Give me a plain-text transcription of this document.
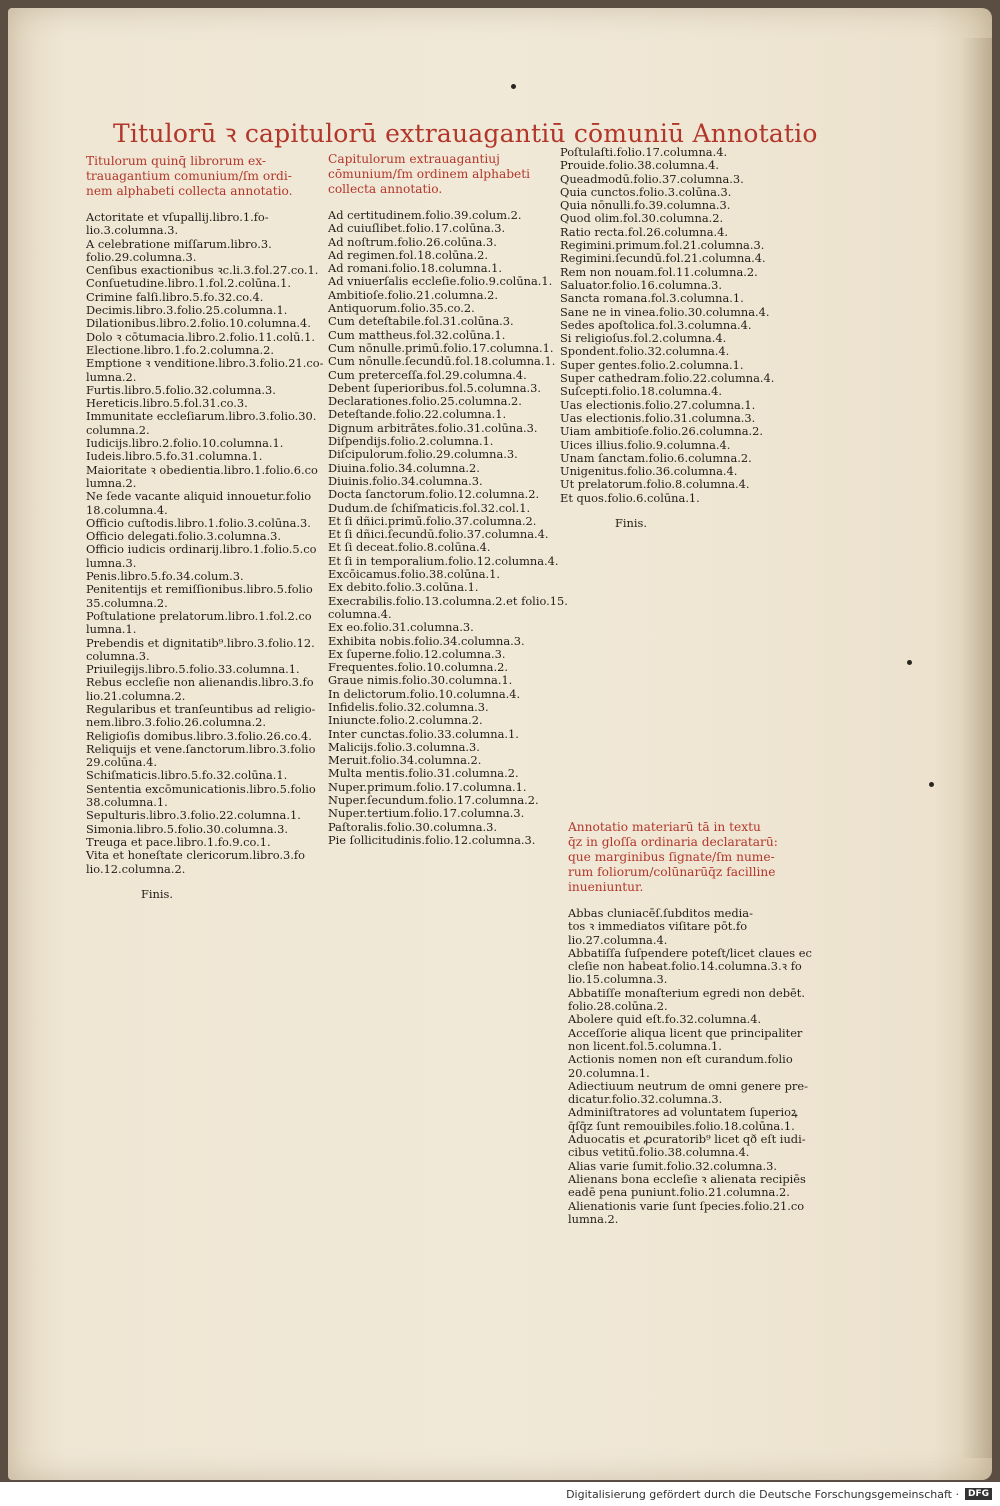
Titulorū ꝛ capitulorū extrauagantiū cōmuniū Annotatio
Titulorum quinq̄ librorum ex-
trauagantium comunium/ſm ordi-
nem alphabeti collecta annotatio.
Actoritate et vſupallij.libro.1.fo-
lio.3.columna.3.
A celebratione miſſarum.libro.3.
folio.29.columna.3.
Cenſibus exactionibus ꝛc.li.3.fol.27.co.1.
Conſuetudine.libro.1.fol.2.colūna.1.
Crimine falſi.libro.5.fo.32.co.4.
Decimis.libro.3.folio.25.columna.1.
Dilationibus.libro.2.folio.10.columna.4.
Dolo ꝛ cōtumacia.libro.2.folio.11.colū.1.
Electione.libro.1.fo.2.columna.2.
Emptione ꝛ venditione.libro.3.folio.21.co-
lumna.2.
Furtis.libro.5.folio.32.columna.3.
Hereticis.libro.5.fol.31.co.3.
Immunitate eccleſiarum.libro.3.folio.30.
columna.2.
Iudicijs.libro.2.folio.10.columna.1.
Iudeis.libro.5.fo.31.columna.1.
Maioritate ꝛ obedientia.libro.1.folio.6.co
lumna.2.
Ne ſede vacante aliquid innouetur.folio
18.columna.4.
Officio cuſtodis.libro.1.folio.3.colūna.3.
Officio delegati.folio.3.columna.3.
Officio iudicis ordinarij.libro.1.folio.5.co
lumna.3.
Penis.libro.5.fo.34.colum.3.
Penitentijs et remiſſionibus.libro.5.folio
35.columna.2.
Poſtulatione prelatorum.libro.1.fol.2.co
lumna.1.
Prebendis et dignitatib⁹.libro.3.folio.12.
columna.3.
Priuilegijs.libro.5.folio.33.columna.1.
Rebus eccleſie non alienandis.libro.3.fo
lio.21.columna.2.
Regularibus et tranſeuntibus ad religio-
nem.libro.3.folio.26.columna.2.
Religioſis domibus.libro.3.folio.26.co.4.
Reliquijs et vene.ſanctorum.libro.3.folio
29.colūna.4.
Schiſmaticis.libro.5.fo.32.colūna.1.
Sententia excōmunicationis.libro.5.folio
38.columna.1.
Sepulturis.libro.3.folio.22.columna.1.
Simonia.libro.5.folio.30.columna.3.
Treuga et pace.libro.1.fo.9.co.1.
Vita et honeſtate clericorum.libro.3.fo
lio.12.columna.2.
Finis.
Capitulorum extrauagantiuj
cōmunium/ſm ordinem alphabeti
collecta annotatio.
Ad certitudinem.folio.39.colum.2.
Ad cuiuſlibet.folio.17.colūna.3.
Ad noſtrum.folio.26.colūna.3.
Ad regimen.fol.18.colūna.2.
Ad romani.folio.18.columna.1.
Ad vniuerſalis eccleſie.folio.9.colūna.1.
Ambitioſe.folio.21.columna.2.
Antiquorum.folio.35.co.2.
Cum deteſtabile.fol.31.colūna.3.
Cum mattheus.fol.32.colūna.1.
Cum nōnulle.primū.folio.17.columna.1.
Cum nōnulle.ſecundū.fol.18.columna.1.
Cum preterceſſa.fol.29.columna.4.
Debent ſuperioribus.fol.5.columna.3.
Declarationes.folio.25.columna.2.
Deteſtande.folio.22.columna.1.
Dignum arbitrātes.folio.31.colūna.3.
Diſpendijs.folio.2.columna.1.
Diſcipulorum.folio.29.columna.3.
Diuina.folio.34.columna.2.
Diuinis.folio.34.columna.3.
Docta ſanctorum.folio.12.columna.2.
Dudum.de ſchiſmaticis.fol.32.col.1.
Et ſi dñici.primū.folio.37.columna.2.
Et ſi dñici.ſecundū.folio.37.columna.4.
Et ſi deceat.folio.8.colūna.4.
Et ſi in temporalium.folio.12.columna.4.
Excōicamus.folio.38.colūna.1.
Ex debito.folio.3.colūna.1.
Execrabilis.folio.13.columna.2.et folio.15.
columna.4.
Ex eo.folio.31.columna.3.
Exhibita nobis.folio.34.columna.3.
Ex ſuperne.folio.12.columna.3.
Frequentes.folio.10.columna.2.
Graue nimis.folio.30.columna.1.
In delictorum.folio.10.columna.4.
Infidelis.folio.32.columna.3.
Iniuncte.folio.2.columna.2.
Inter cunctas.folio.33.columna.1.
Malicijs.folio.3.columna.3.
Meruit.folio.34.columna.2.
Multa mentis.folio.31.columna.2.
Nuper.primum.folio.17.columna.1.
Nuper.ſecundum.folio.17.columna.2.
Nuper.tertium.folio.17.columna.3.
Paſtoralis.folio.30.columna.3.
Pie ſollicitudinis.folio.12.columna.3.
Poſtulaſti.folio.17.columna.4.
Prouide.folio.38.columna.4.
Queadmodū.folio.37.columna.3.
Quia cunctos.folio.3.colūna.3.
Quia nōnulli.fo.39.columna.3.
Quod olim.fol.30.columna.2.
Ratio recta.fol.26.columna.4.
Regimini.primum.fol.21.columna.3.
Regimini.ſecundū.fol.21.columna.4.
Rem non nouam.fol.11.columna.2.
Saluator.folio.16.columna.3.
Sancta romana.fol.3.columna.1.
Sane ne in vinea.folio.30.columna.4.
Sedes apoſtolica.fol.3.columna.4.
Si religioſus.fol.2.columna.4.
Spondent.folio.32.columna.4.
Super gentes.folio.2.columna.1.
Super cathedram.folio.22.columna.4.
Suſcepti.folio.18.columna.4.
Uas electionis.folio.27.columna.1.
Uas electionis.folio.31.columna.3.
Uiam ambitioſe.folio.26.columna.2.
Uices illius.folio.9.columna.4.
Unam ſanctam.folio.6.columna.2.
Unigenitus.folio.36.columna.4.
Ut prelatorum.folio.8.columna.4.
Et quos.folio.6.colūna.1.
Finis.
Annotatio materiarū tā in textu
q̄z in gloſſa ordinaria declaratarū:
que marginibus ſignate/ſm nume-
rum foliorum/colūnarūq̄z facilline
inueniuntur.
Abbas cluniacēſ.ſubditos media-
tos ꝛ immediatos viſitare pōt.fo
lio.27.columna.4.
Abbatiſſa ſuſpendere poteſt/licet claues ec
cleſie non habeat.folio.14.columna.3.ꝛ fo
lio.15.columna.3.
Abbatiſſe monaſterium egredi non debēt.
folio.28.colūna.2.
Abolere quid eſt.fo.32.columna.4.
Acceſſorie aliqua licent que principaliter
non licent.fol.5.columna.1.
Actionis nomen non eſt curandum.folio
20.columna.1.
Adiectiuum neutrum de omni genere pre-
dicatur.folio.32.columna.3.
Adminiſtratores ad voluntatem ſuperioꝝ
q̄ſq̄z ſunt remouibiles.folio.18.colūna.1.
Aduocatis et ꝓcuratorib⁹ licet qð eſt iudi-
cibus vetitū.folio.38.columna.4.
Alias varie ſumit.folio.32.columna.3.
Alienans bona eccleſie ꝛ alienata recipiēs
eadē pena puniunt.folio.21.columna.2.
Alienationis varie ſunt ſpecies.folio.21.co
lumna.2.
Digitalisierung gefördert durch die Deutsche Forschungsgemeinschaft ·	DFG
